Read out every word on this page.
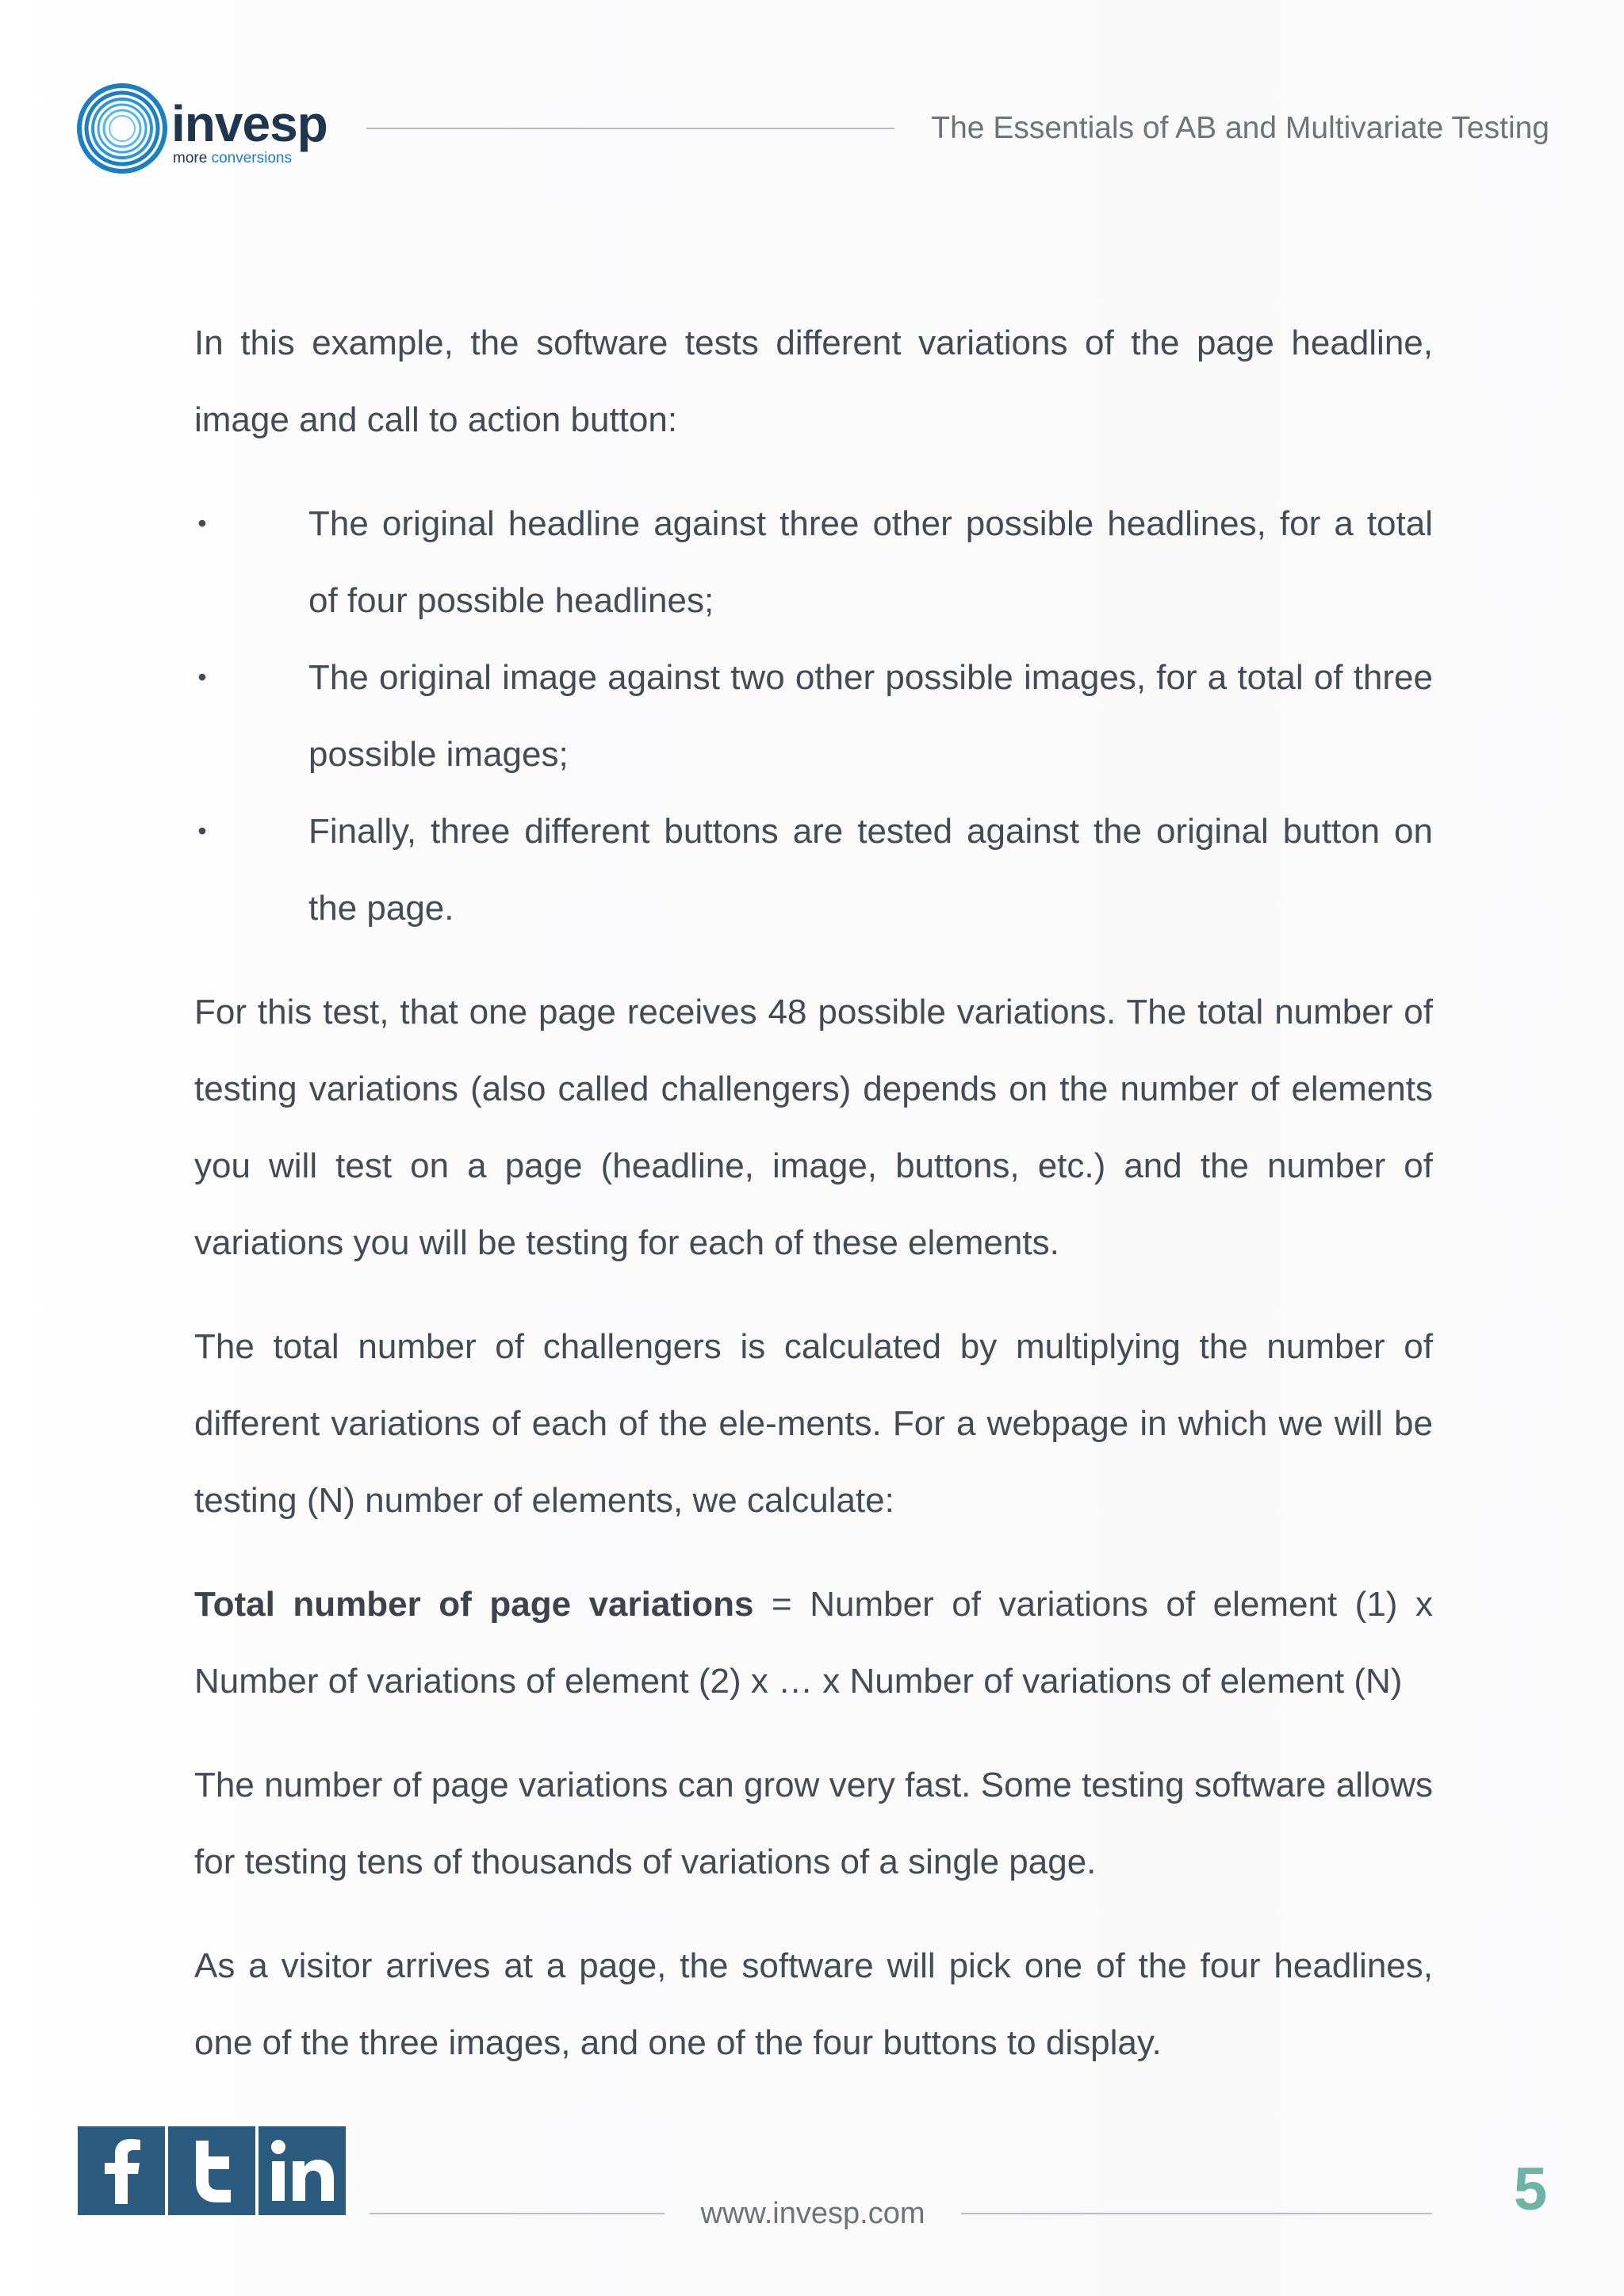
invesp
more conversions
The Essentials of AB and Multivariate Testing

In this example, the software tests different variations of the page headline, image and call to action button:

•	The original headline against three other possible headlines, for a total of four possible headlines;
•	The original image against two other possible images, for a total of three possible images;
•	Finally, three different buttons are tested against the original button on the page.

For this test, that one page receives 48 possible variations. The total number of testing variations (also called challengers) depends on the number of elements you will test on a page (headline, image, buttons, etc.) and the number of variations you will be testing for each of these elements.

The total number of challengers is calculated by multiplying the number of different variations of each of the ele-ments. For a webpage in which we will be testing (N) number of elements, we calculate:

Total number of page variations = Number of variations of element (1) x Number of variations of element (2) x … x Number of variations of element (N)

The number of page variations can grow very fast. Some testing software allows for testing tens of thousands of variations of a single page.

As a visitor arrives at a page, the software will pick one of the four headlines, one of the three images, and one of the four buttons to display.

www.invesp.com	5
